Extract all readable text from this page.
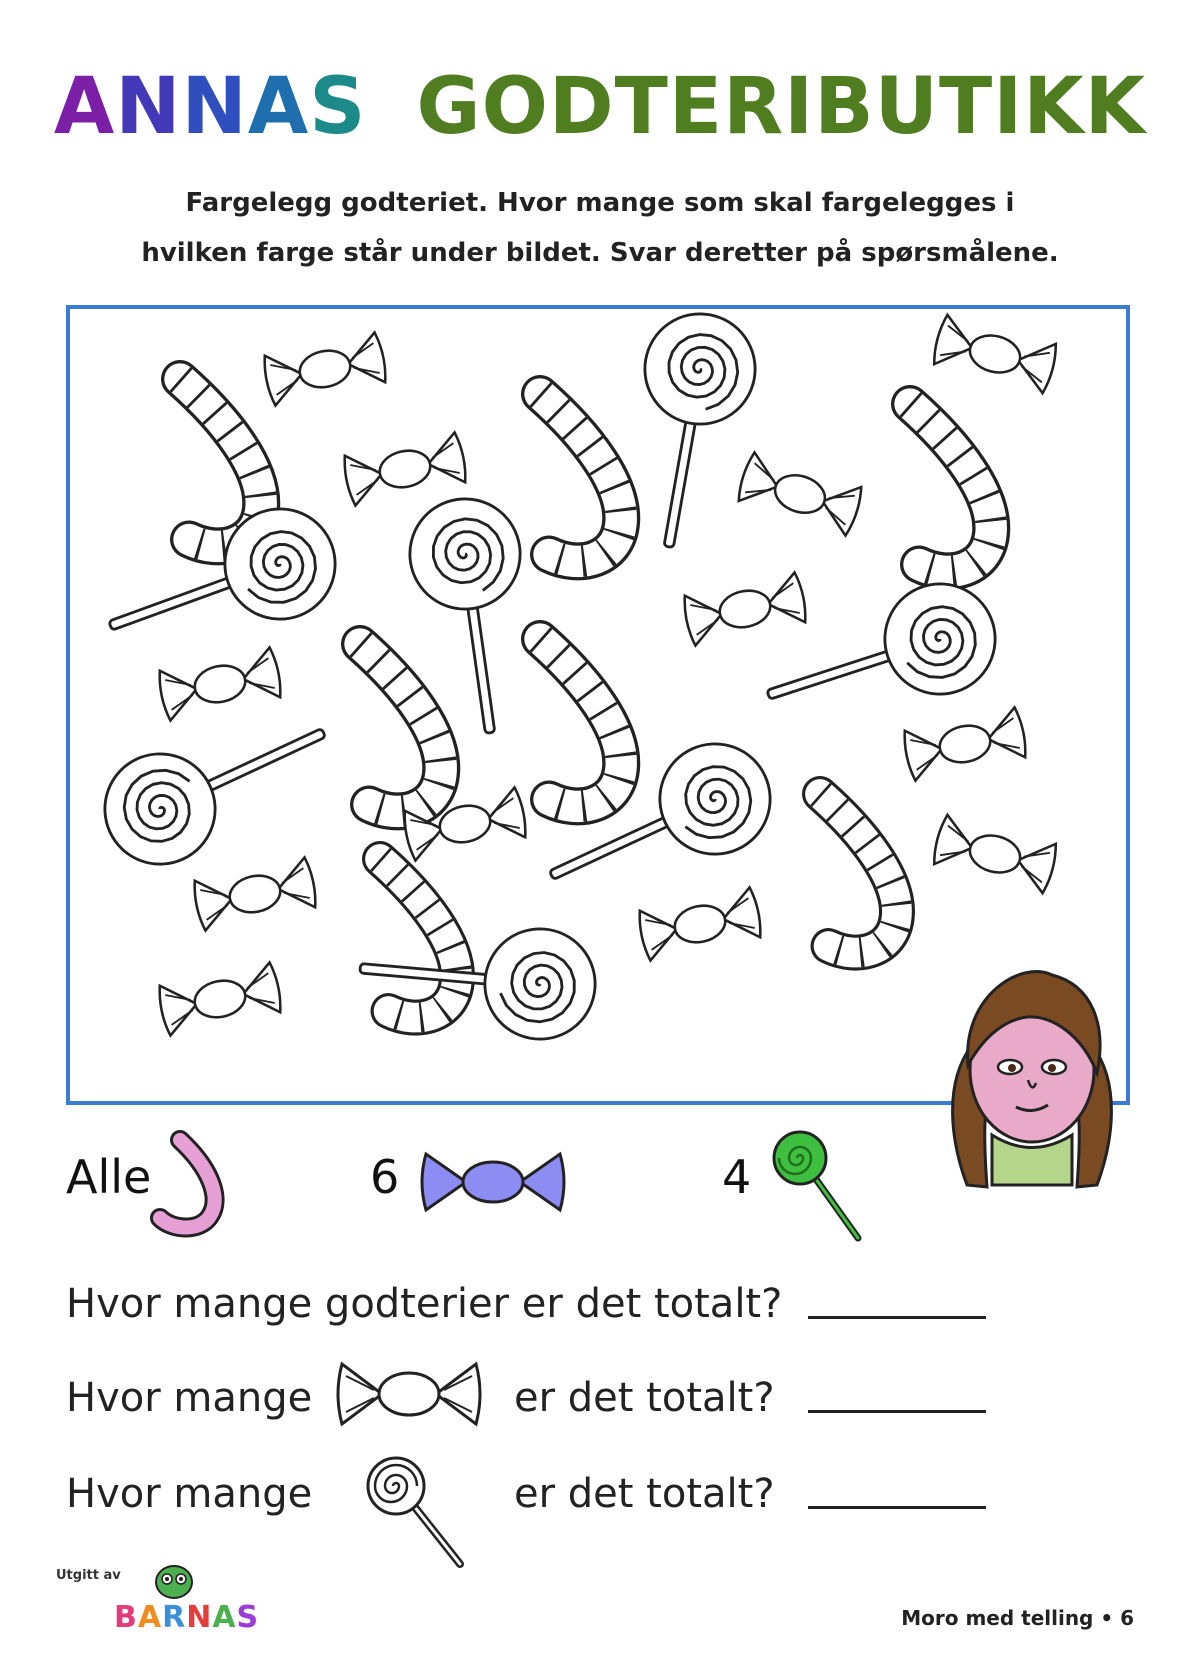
ANNAS GODTERIBUTIKK
Fargelegg godteriet. Hvor mange som skal fargelegges i
hvilken farge står under bildet. Svar deretter på spørsmålene.
Alle	6	4
Hvor mange godterier er det totalt?
Hvor mange	er det totalt?
Hvor mange	er det totalt?
Utgitt av
BARNAS	Moro med telling • 6
